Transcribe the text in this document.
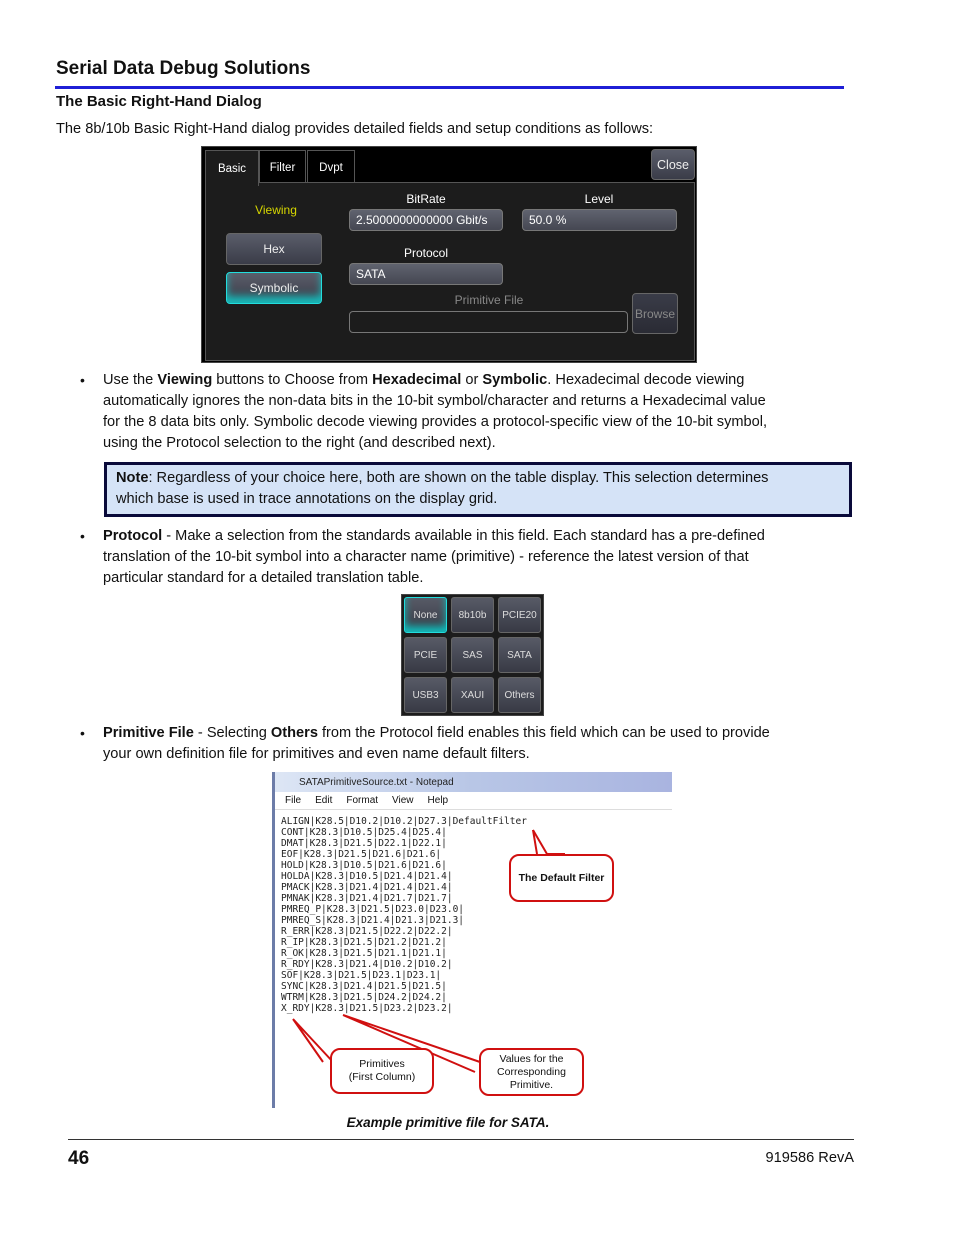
Serial Data Debug Solutions
The Basic Right-Hand Dialog
The 8b/10b Basic Right-Hand dialog provides detailed fields and setup conditions as follows:
Basic	Filter	Dvpt	Close
Viewing
Hex
Symbolic
BitRate
2.5000000000000 Gbit/s
Level
50.0 %
Protocol
SATA
Primitive File
Browse
• Use the Viewing buttons to Choose from Hexadecimal or Symbolic. Hexadecimal decode viewing
automatically ignores the non-data bits in the 10-bit symbol/character and returns a Hexadecimal value
for the 8 data bits only. Symbolic decode viewing provides a protocol-specific view of the 10-bit symbol,
using the Protocol selection to the right (and described next).
Note: Regardless of your choice here, both are shown on the table display. This selection determines
which base is used in trace annotations on the display grid.
• Protocol - Make a selection from the standards available in this field. Each standard has a pre-defined
translation of the 10-bit symbol into a character name (primitive) - reference the latest version of that
particular standard for a detailed translation table.
None	8b10b	PCIE20
PCIE	SAS	SATA
USB3	XAUI	Others
• Primitive File - Selecting Others from the Protocol field enables this field which can be used to provide
your own definition file for primitives and even name default filters.
SATAPrimitiveSource.txt - Notepad
File Edit Format View Help
ALIGN|K28.5|D10.2|D10.2|D27.3|DefaultFilter
CONT|K28.3|D10.5|D25.4|D25.4|
DMAT|K28.3|D21.5|D22.1|D22.1|
EOF|K28.3|D21.5|D21.6|D21.6|
HOLD|K28.3|D10.5|D21.6|D21.6|
HOLDA|K28.3|D10.5|D21.4|D21.4|
PMACK|K28.3|D21.4|D21.4|D21.4|
PMNAK|K28.3|D21.4|D21.7|D21.7|
PMREQ_P|K28.3|D21.5|D23.0|D23.0|
PMREQ_S|K28.3|D21.4|D21.3|D21.3|
R_ERR|K28.3|D21.5|D22.2|D22.2|
R_IP|K28.3|D21.5|D21.2|D21.2|
R_OK|K28.3|D21.5|D21.1|D21.1|
R_RDY|K28.3|D21.4|D10.2|D10.2|
SOF|K28.3|D21.5|D23.1|D23.1|
SYNC|K28.3|D21.4|D21.5|D21.5|
WTRM|K28.3|D21.5|D24.2|D24.2|
X_RDY|K28.3|D21.5|D23.2|D23.2|
The Default Filter
Primitives
(First Column)
Values for the
Corresponding
Primitive.
Example primitive file for SATA.
46	919586 RevA
